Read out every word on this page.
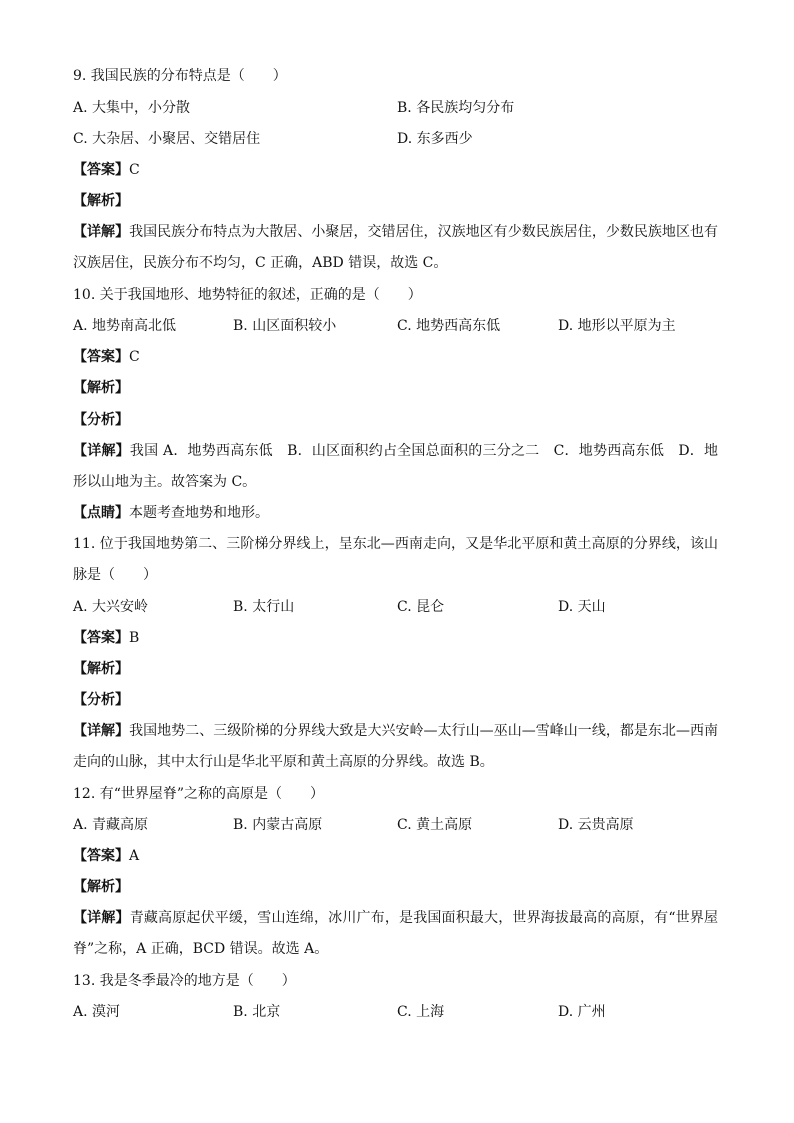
9. 我国民族的分布特点是（　　）
A. 大集中，小分散	B. 各民族均匀分布
C. 大杂居、小聚居、交错居住	D. 东多西少
【答案】C
【解析】
【详解】我国民族分布特点为大散居、小聚居，交错居住，汉族地区有少数民族居住，少数民族地区也有汉族居住，民族分布不均匀，C 正确，ABD 错误，故选 C。
10. 关于我国地形、地势特征的叙述，正确的是（　　）
A. 地势南高北低	B. 山区面积较小	C. 地势西高东低	D. 地形以平原为主
【答案】C
【解析】
【分析】
【详解】我国 A．地势西高东低　B．山区面积约占全国总面积的三分之二　C．地势西高东低　D．地形以山地为主。故答案为 C。
【点睛】本题考查地势和地形。
11. 位于我国地势第二、三阶梯分界线上，呈东北—西南走向，又是华北平原和黄土高原的分界线，该山脉是（　　）
A. 大兴安岭	B. 太行山	C. 昆仑	D. 天山
【答案】B
【解析】
【分析】
【详解】我国地势二、三级阶梯的分界线大致是大兴安岭—太行山—巫山—雪峰山一线，都是东北—西南走向的山脉，其中太行山是华北平原和黄土高原的分界线。故选 B。
12. 有“世界屋脊”之称的高原是（　　）
A. 青藏高原	B. 内蒙古高原	C. 黄土高原	D. 云贵高原
【答案】A
【解析】
【详解】青藏高原起伏平缓，雪山连绵，冰川广布，是我国面积最大，世界海拔最高的高原，有“世界屋脊”之称，A 正确，BCD 错误。故选 A。
13. 我是冬季最冷的地方是（　　）
A. 漠河	B. 北京	C. 上海	D. 广州
